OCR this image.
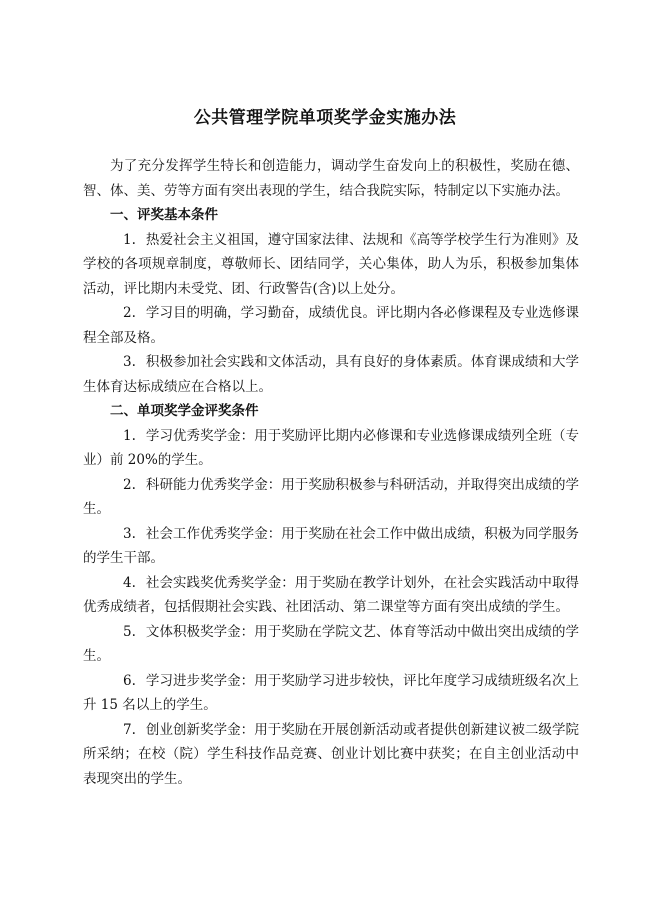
公共管理学院单项奖学金实施办法

为了充分发挥学生特长和创造能力，调动学生奋发向上的积极性，奖励在德、智、体、美、劳等方面有突出表现的学生，结合我院实际，特制定以下实施办法。

一、评奖基本条件

1. 热爱社会主义祖国，遵守国家法律、法规和《高等学校学生行为准则》及学校的各项规章制度，尊敬师长、团结同学，关心集体，助人为乐，积极参加集体活动，评比期内未受党、团、行政警告(含)以上处分。

2. 学习目的明确，学习勤奋，成绩优良。评比期内各必修课程及专业选修课程全部及格。

3. 积极参加社会实践和文体活动，具有良好的身体素质。体育课成绩和大学生体育达标成绩应在合格以上。

二、单项奖学金评奖条件

1. 学习优秀奖学金：用于奖励评比期内必修课和专业选修课成绩列全班（专业）前 20%的学生。

2. 科研能力优秀奖学金：用于奖励积极参与科研活动，并取得突出成绩的学生。

3. 社会工作优秀奖学金：用于奖励在社会工作中做出成绩，积极为同学服务的学生干部。

4. 社会实践奖优秀奖学金：用于奖励在教学计划外，在社会实践活动中取得优秀成绩者，包括假期社会实践、社团活动、第二课堂等方面有突出成绩的学生。

5. 文体积极奖学金：用于奖励在学院文艺、体育等活动中做出突出成绩的学生。

6. 学习进步奖学金：用于奖励学习进步较快，评比年度学习成绩班级名次上升 15 名以上的学生。

7. 创业创新奖学金：用于奖励在开展创新活动或者提供创新建议被二级学院所采纳；在校（院）学生科技作品竞赛、创业计划比赛中获奖；在自主创业活动中表现突出的学生。
